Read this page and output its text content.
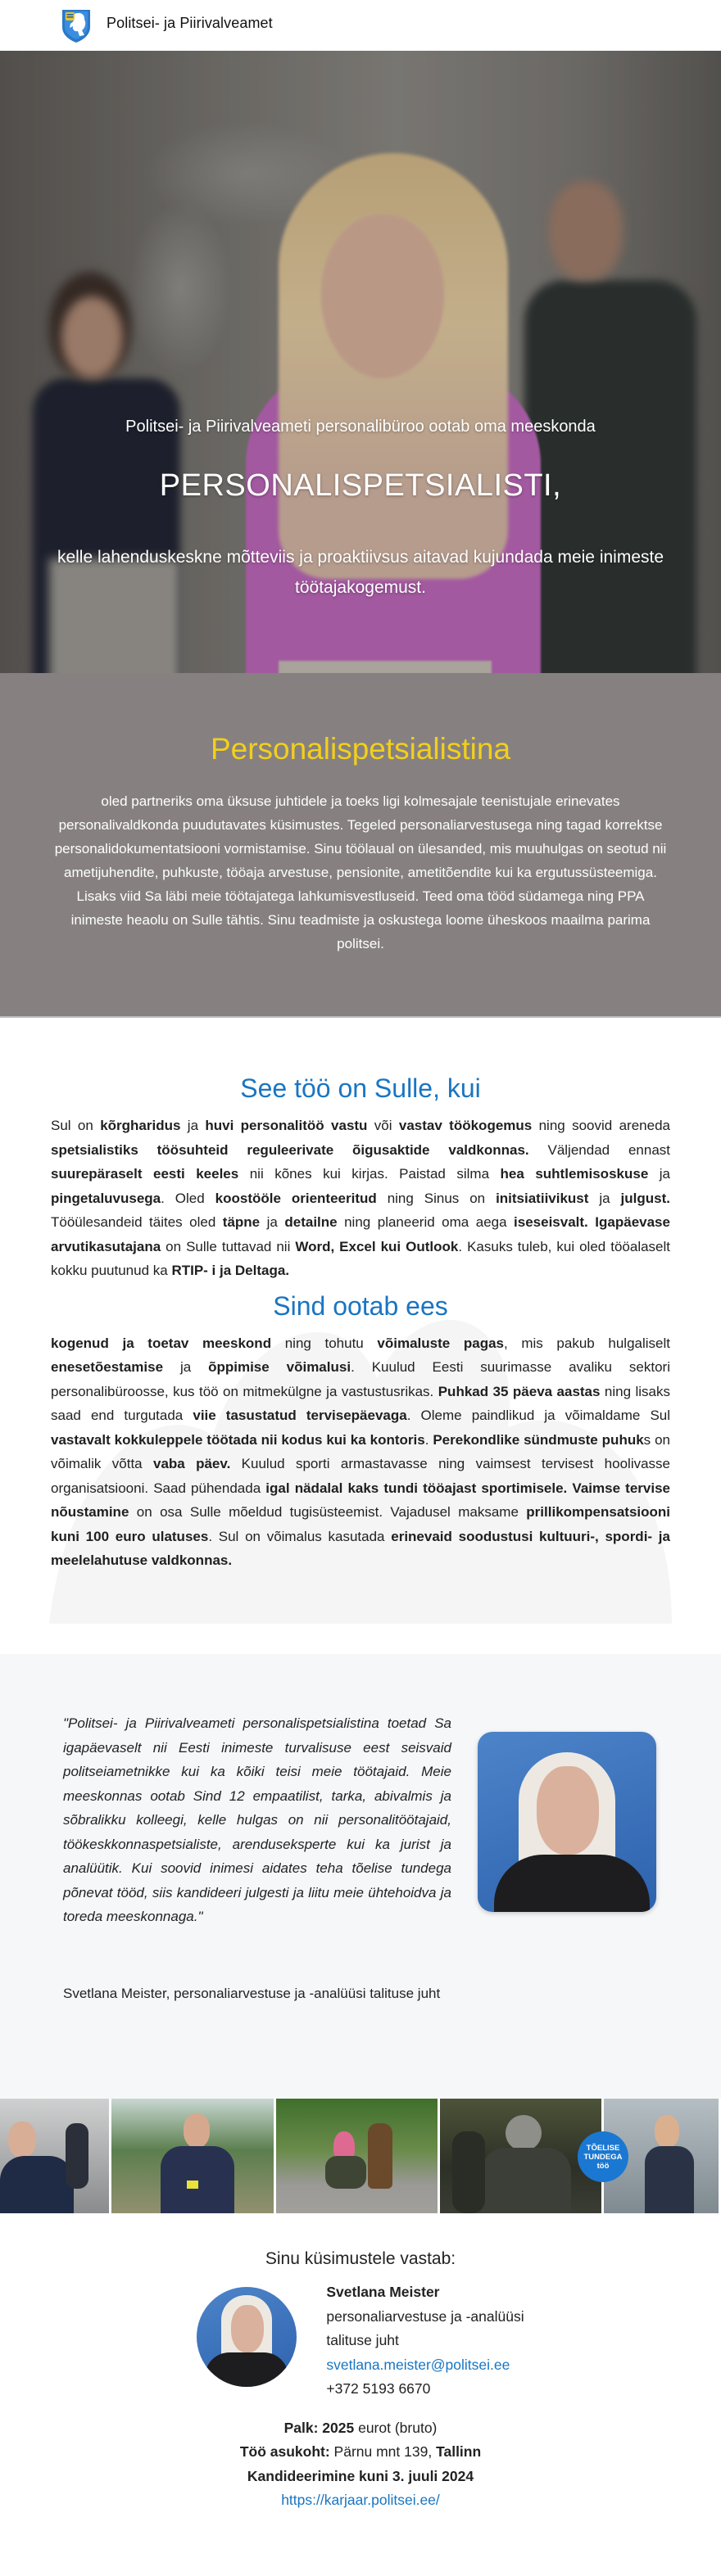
Politsei- ja Piirivalveamet
Politsei- ja Piirivalveameti personalibüroo ootab oma meeskonda
PERSONALISPETSIALISTI,
kelle lahenduskeskne mõtteviis ja proaktiivsus aitavad kujundada meie inimeste töötajakogemust.
Personalispetsialistina

oled partneriks oma üksuse juhtidele ja toeks ligi kolmesajale teenistujale erinevates personalivaldkonda puudutavates küsimustes. Tegeled personaliarvestusega ning tagad korrektse personalidokumentatsiooni vormistamise. Sinu töölaual on ülesanded, mis muuhulgas on seotud nii ametijuhendite, puhkuste, tööaja arvestuse, pensionite, ametitõendite kui ka ergutussüsteemiga. Lisaks viid Sa läbi meie töötajatega lahkumisvestluseid. Teed oma tööd südamega ning PPA inimeste heaolu on Sulle tähtis. Sinu teadmiste ja oskustega loome üheskoos maailma parima politsei.

See töö on Sulle, kui

Sul on kõrgharidus ja huvi personalitöö vastu või vastav töökogemus ning soovid areneda spetsialistiks töösuhteid reguleerivate õigusaktide valdkonnas. Väljendad ennast suurepäraselt eesti keeles nii kõnes kui kirjas. Paistad silma hea suhtlemisoskuse ja pingetaluvusega. Oled koostööle orienteeritud ning Sinus on initsiatiivikust ja julgust. Tööülesandeid täites oled täpne ja detailne ning planeerid oma aega iseseisvalt. Igapäevase arvutikasutajana on Sulle tuttavad nii Word, Excel kui Outlook. Kasuks tuleb, kui oled tööalaselt kokku puutunud ka RTIP- i ja Deltaga.

Sind ootab ees

kogenud ja toetav meeskond ning tohutu võimaluste pagas, mis pakub hulgaliselt enesetõestamise ja õppimise võimalusi. Kuulud Eesti suurimasse avaliku sektori personalibüroosse, kus töö on mitmekülgne ja vastustusrikas. Puhkad 35 päeva aastas ning lisaks saad end turgutada viie tasustatud tervisepäevaga. Oleme paindlikud ja võimaldame Sul vastavalt kokkuleppele töötada nii kodus kui ka kontoris. Perekondlike sündmuste puhuks on võimalik võtta vaba päev. Kuulud sporti armastavasse ning vaimsest tervisest hoolivasse organisatsiooni. Saad pühendada igal nädalal kaks tundi tööajast sportimisele. Vaimse tervise nõustamine on osa Sulle mõeldud tugisüsteemist. Vajadusel maksame prillikompensatsiooni kuni 100 euro ulatuses. Sul on võimalus kasutada erinevaid soodustusi kultuuri-, spordi- ja meelelahutuse valdkonnas.

"Politsei- ja Piirivalveameti personalispetsialistina toetad Sa igapäevaselt nii Eesti inimeste turvalisuse eest seisvaid politseiametnikke kui ka kõiki teisi meie töötajaid. Meie meeskonnas ootab Sind 12 empaatilist, tarka, abivalmis ja sõbralikku kolleegi, kelle hulgas on nii personalitöötajaid, töökeskkonnaspetsialiste, arenduseksperte kui ka jurist ja analüütik. Kui soovid inimesi aidates teha tõelise tundega põnevat tööd, siis kandideeri julgesti ja liitu meie ühtehoidva ja toreda meeskonnaga."
Svetlana Meister, personaliarvestuse ja -analüüsi talituse juht
TÕELISE
TUNDEGA
töö
Sinu küsimustele vastab:
Svetlana Meister
personaliarvestuse ja -analüüsi
talituse juht
svetlana.meister@politsei.ee
+372 5193 6670
Palk: 2025 eurot (bruto)
Töö asukoht: Pärnu mnt 139, Tallinn
Kandideerimine kuni 3. juuli 2024
https://karjaar.politsei.ee/
